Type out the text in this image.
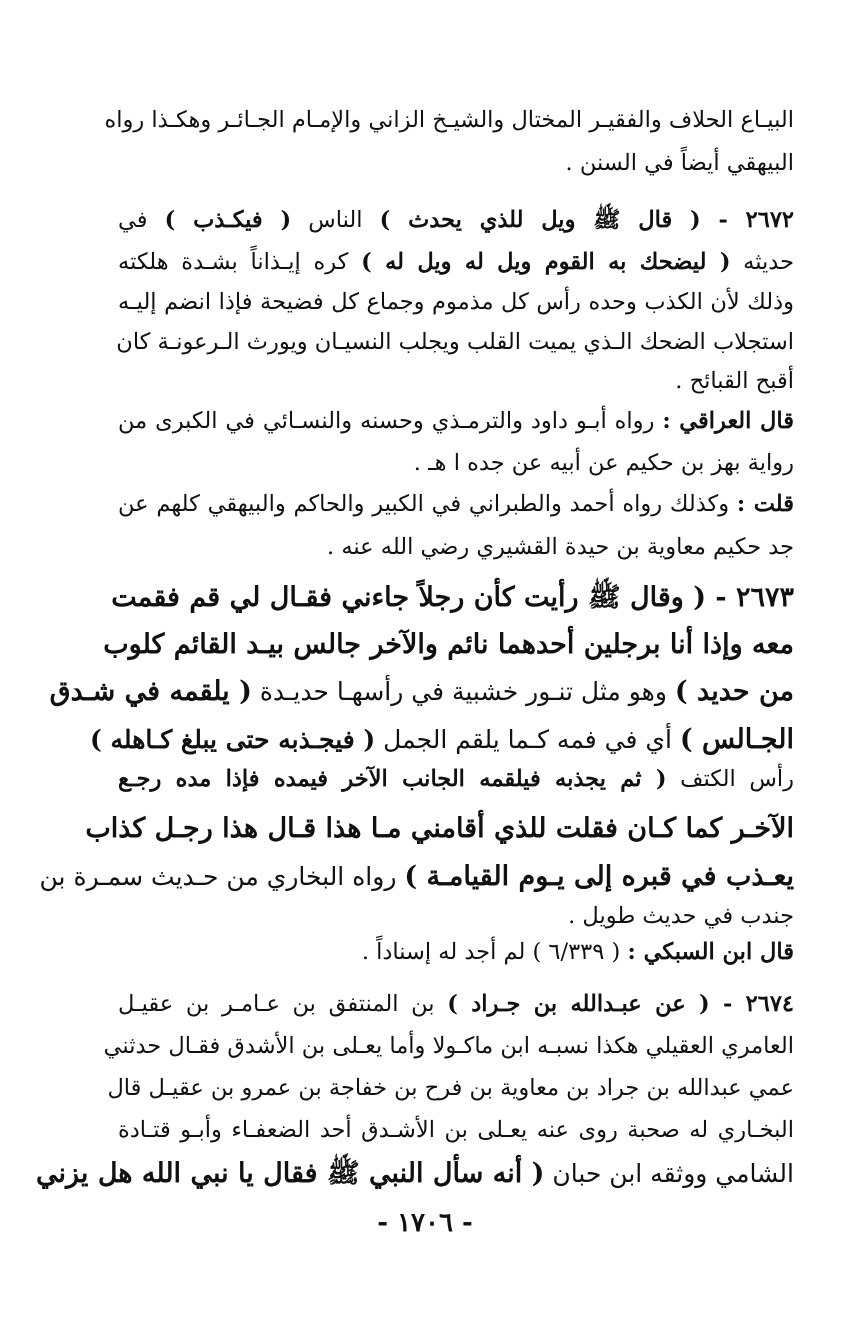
البيـاع الحلاف والفقيـر المختال والشيـخ الزاني والإمـام الجـائـر وهكـذا رواه
البيهقي أيضاً في السنن .
٢٦٧٢ - ( قال ﷺ ويل للذي يحدث ) الناس ( فيكـذب ) في
حديثه ( ليضحك به القوم ويل له ويل له ) كره إيـذاناً بشـدة هلكته
وذلك لأن الكذب وحده رأس كل مذموم وجماع كل فضيحة فإذا انضم إليـه
استجلاب الضحك الـذي يميت القلب ويجلب النسيـان ويورث الـرعونـة كان
أقبح القبائح .
قال العراقي : رواه أبـو داود والترمـذي وحسنه والنسـائي في الكبرى من
رواية بهز بن حكيم عن أبيه عن جده ا هـ .
قلت : وكذلك رواه أحمد والطبراني في الكبير والحاكم والبيهقي كلهم عن
جد حكيم معاوية بن حيدة القشيري رضي الله عنه .
٢٦٧٣ - ( وقال ﷺ رأيت كأن رجلاً جاءني فقـال لي قم فقمت
معه وإذا أنا برجلين أحدهما نائم والآخر جالس بيـد القائم كلوب
من حديد ) وهو مثل تنـور خشبية في رأسهـا حديـدة ( يلقمه في شـدق
الجـالس ) أي في فمه كـما يلقم الجمل ( فيجـذبه حتى يبلغ كـاهله )
رأس الكتف ( ثم يجذبه فيلقمه الجانب الآخر فيمده فإذا مده رجـع
الآخـر كما كـان فقلت للذي أقامني مـا هذا قـال هذا رجـل كذاب
يعـذب في قبره إلى يـوم القيامـة ) رواه البخاري من حـديث سمـرة بن
جندب في حديث طويل .
قال ابن السبكي : ( ٦/٣٣٩ ) لم أجد له إسناداً .
٢٦٧٤ - ( عن عبـدالله بن جـراد ) بن المنتفق بن عـامـر بن عقيـل
العامري العقيلي هكذا نسبـه ابن ماكـولا وأما يعـلى بن الأشدق فقـال حدثني
عمي عبدالله بن جراد بن معاوية بن فرح بن خفاجة بن عمرو بن عقيـل قال
البخـاري له صحبة روى عنه يعـلى بن الأشـدق أحد الضعفـاء وأبـو قتـادة
الشامي ووثقه ابن حبان ( أنه سأل النبي ﷺ فقال يا نبي الله هل يزني
- ١٧٠٦ -
